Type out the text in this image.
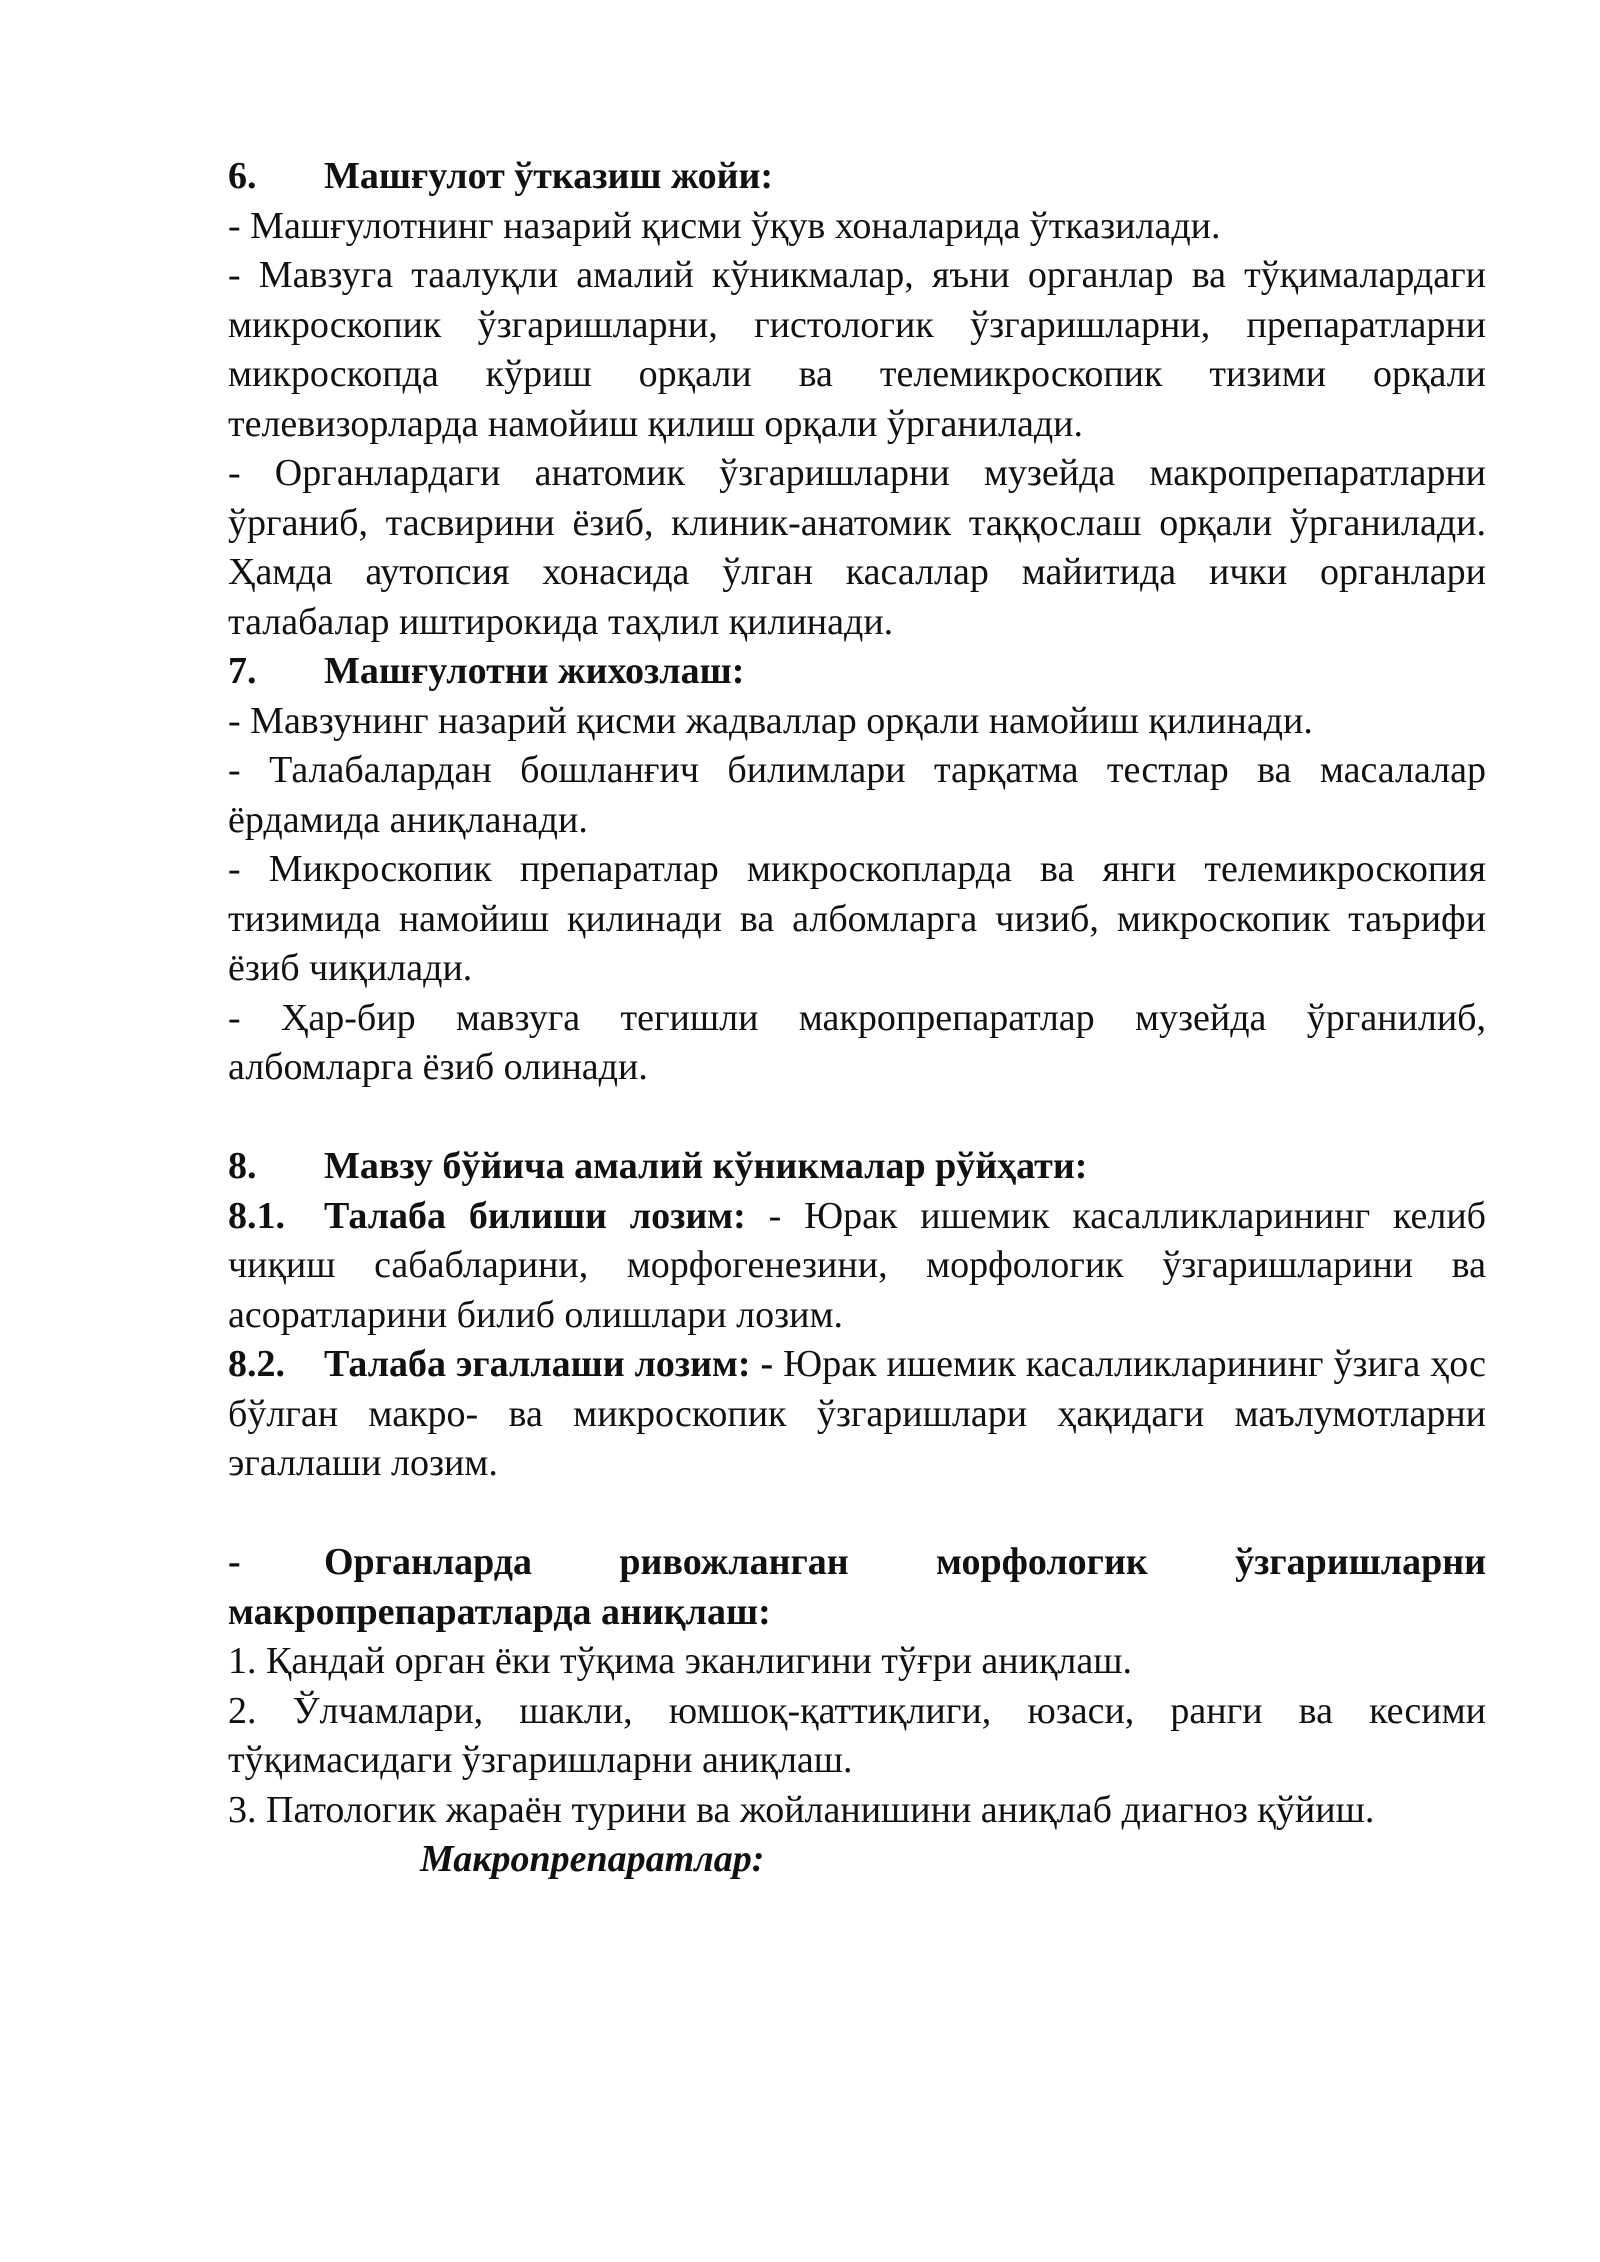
6. Машғулот ўтказиш жойи:

- Машғулотнинг назарий қисми ўқув хоналарида ўтказилади.

- Мавзуга таалуқли амалий кўникмалар, яъни органлар ва тўқималардаги микроскопик ўзгаришларни, гистологик ўзгаришларни, препаратларни микроскопда кўриш орқали ва телемикроскопик тизими орқали телевизорларда намойиш қилиш орқали ўрганилади.

- Органлардаги анатомик ўзгаришларни музейда макропрепаратларни ўрганиб, тасвирини ёзиб, клиник-анатомик таққослаш орқали ўрганилади. Ҳамда аутопсия хонасида ўлган касаллар майитида ички органлари талабалар иштирокида таҳлил қилинади.

7. Машғулотни жихозлаш:

- Мавзунинг назарий қисми жадваллар орқали намойиш қилинади.

- Талабалардан бошланғич билимлари тарқатма тестлар ва масалалар ёрдамида аниқланади.

- Микроскопик препаратлар микроскопларда ва янги телемикроскопия тизимида намойиш қилинади ва албомларга чизиб, микроскопик таърифи ёзиб чиқилади.

- Ҳар-бир мавзуга тегишли макропрепаратлар музейда ўрганилиб, албомларга ёзиб олинади.

8. Мавзу бўйича амалий кўникмалар рўйҳати:

8.1. Талаба билиши лозим: - Юрак ишемик касалликларининг келиб чиқиш сабабларини, морфогенезини, морфологик ўзгаришларини ва асоратларини билиб олишлари лозим.

8.2. Талаба эгаллаши лозим: - Юрак ишемик касалликларининг ўзига ҳос бўлган макро- ва микроскопик ўзгаришлари ҳақидаги маълумотларни эгаллаши лозим.

- Органларда ривожланган морфологик ўзгаришларни макропрепаратларда аниқлаш:

1. Қандай орган ёки тўқима эканлигини тўғри аниқлаш.

2. Ўлчамлари, шакли, юмшоқ-қаттиқлиги, юзаси, ранги ва кесими тўқимасидаги ўзгаришларни аниқлаш.

3. Патологик жараён турини ва жойланишини аниқлаб диагноз қўйиш.

Макропрепаратлар:
